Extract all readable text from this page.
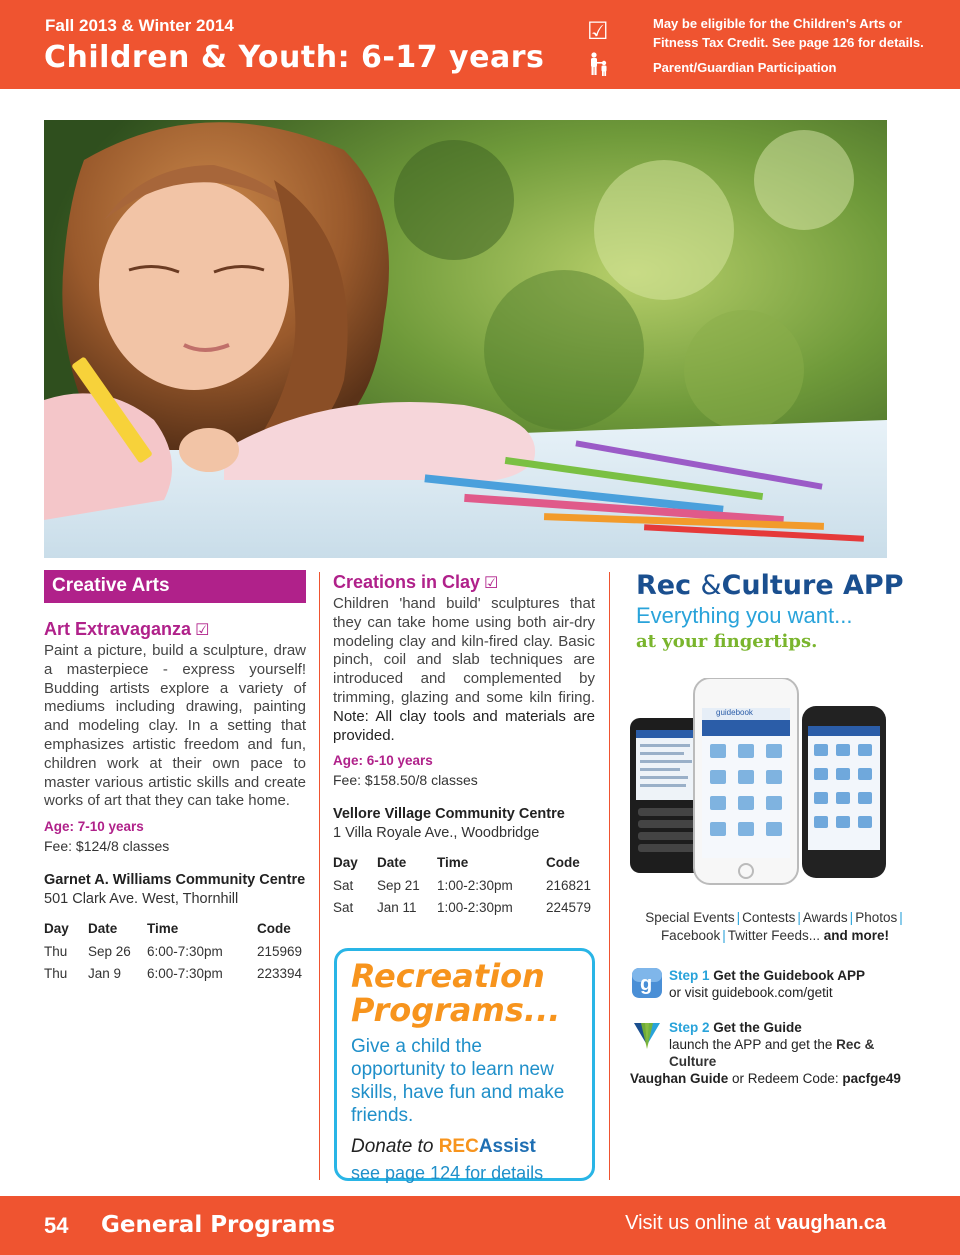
Fall 2013 & Winter 2014
Children & Youth: 6-17 years
☑	May be eligible for the Children's Arts or Fitness Tax Credit. See page 126 for details.
Parent/Guardian Participation
Creative Arts
Art Extravaganza ☑
Paint a picture, build a sculpture, draw a masterpiece - express yourself! Budding artists explore a variety of mediums including drawing, painting and modeling clay. In a setting that emphasizes artistic freedom and fun, children work at their own pace to master various artistic skills and create works of art that they can take home.
Age: 7-10 years
Fee: $124/8 classes
Garnet A. Williams Community Centre
501 Clark Ave. West, Thornhill
Day	Date	Time	Code
Thu	Sep 26	6:00-7:30pm	215969
Thu	Jan 9	6:00-7:30pm	223394
Creations in Clay ☑
Children 'hand build' sculptures that they can take home using both air-dry modeling clay and kiln-fired clay. Basic pinch, coil and slab techniques are introduced and complemented by trimming, glazing and some kiln firing. Note: All clay tools and materials are provided.
Age: 6-10 years
Fee: $158.50/8 classes
Vellore Village Community Centre
1 Villa Royale Ave., Woodbridge
Day	Date	Time	Code
Sat	Sep 21	1:00-2:30pm	216821
Sat	Jan 11	1:00-2:30pm	224579
Recreation
Programs...
Give a child the opportunity to learn new skills, have fun and make friends.
Donate to RECAssist
see page 124 for details
Rec &Culture APP
Everything you want...
at your fingertips.
guidebook
Special Events | Contests | Awards | Photos |
Facebook | Twitter Feeds... and more!
g Step 1 Get the Guidebook APP
or visit guidebook.com/getit
Step 2 Get the Guide
launch the APP and get the Rec & Culture
Vaughan Guide or Redeem Code: pacfge49
54 General Programs	Visit us online at vaughan.ca
